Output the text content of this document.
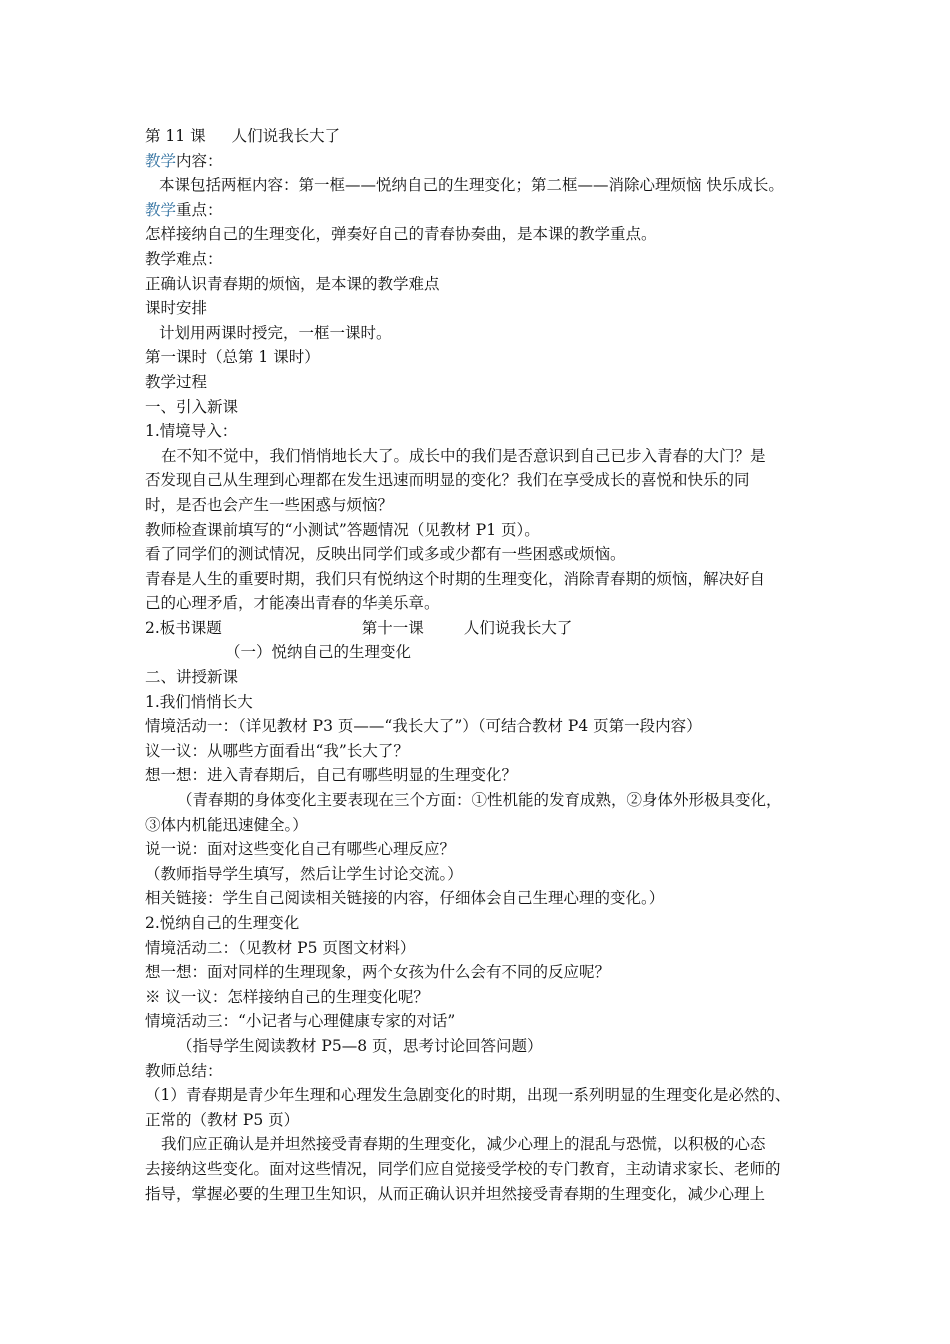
第 11 课 人们说我长大了
教学内容：
本课包括两框内容：第一框——悦纳自己的生理变化；第二框——消除心理烦恼 快乐成长。
教学重点：
怎样接纳自己的生理变化，弹奏好自己的青春协奏曲，是本课的教学重点。
教学难点：
正确认识青春期的烦恼，是本课的教学难点
课时安排
计划用两课时授完，一框一课时。
第一课时（总第 1 课时）
教学过程
一、引入新课
1.情境导入：
在不知不觉中，我们悄悄地长大了。成长中的我们是否意识到自己已步入青春的大门？是
否发现自己从生理到心理都在发生迅速而明显的变化？我们在享受成长的喜悦和快乐的同
时，是否也会产生一些困惑与烦恼？
教师检查课前填写的“小测试”答题情况（见教材 P1 页）。
看了同学们的测试情况，反映出同学们或多或少都有一些困惑或烦恼。
青春是人生的重要时期，我们只有悦纳这个时期的生理变化，消除青春期的烦恼，解决好自
己的心理矛盾，才能凑出青春的华美乐章。
2.板书课题	第十一课	人们说我长大了
（一）悦纳自己的生理变化
二、讲授新课
1.我们悄悄长大
情境活动一：（详见教材 P3 页——“我长大了”）（可结合教材 P4 页第一段内容）
议一议：从哪些方面看出“我”长大了？
想一想：进入青春期后，自己有哪些明显的生理变化？
（青春期的身体变化主要表现在三个方面：①性机能的发育成熟，②身体外形极具变化，
③体内机能迅速健全。）
说一说：面对这些变化自己有哪些心理反应？
（教师指导学生填写，然后让学生讨论交流。）
相关链接：学生自己阅读相关链接的内容，仔细体会自己生理心理的变化。）
2.悦纳自己的生理变化
情境活动二：（见教材 P5 页图文材料）
想一想：面对同样的生理现象，两个女孩为什么会有不同的反应呢？
※ 议一议：怎样接纳自己的生理变化呢？
情境活动三：“小记者与心理健康专家的对话”
（指导学生阅读教材 P5—8 页，思考讨论回答问题）
教师总结：
（1）青春期是青少年生理和心理发生急剧变化的时期，出现一系列明显的生理变化是必然的、
正常的（教材 P5 页）
我们应正确认是并坦然接受青春期的生理变化，减少心理上的混乱与恐慌，以积极的心态
去接纳这些变化。面对这些情况，同学们应自觉接受学校的专门教育，主动请求家长、老师的
指导，掌握必要的生理卫生知识，从而正确认识并坦然接受青春期的生理变化，减少心理上
